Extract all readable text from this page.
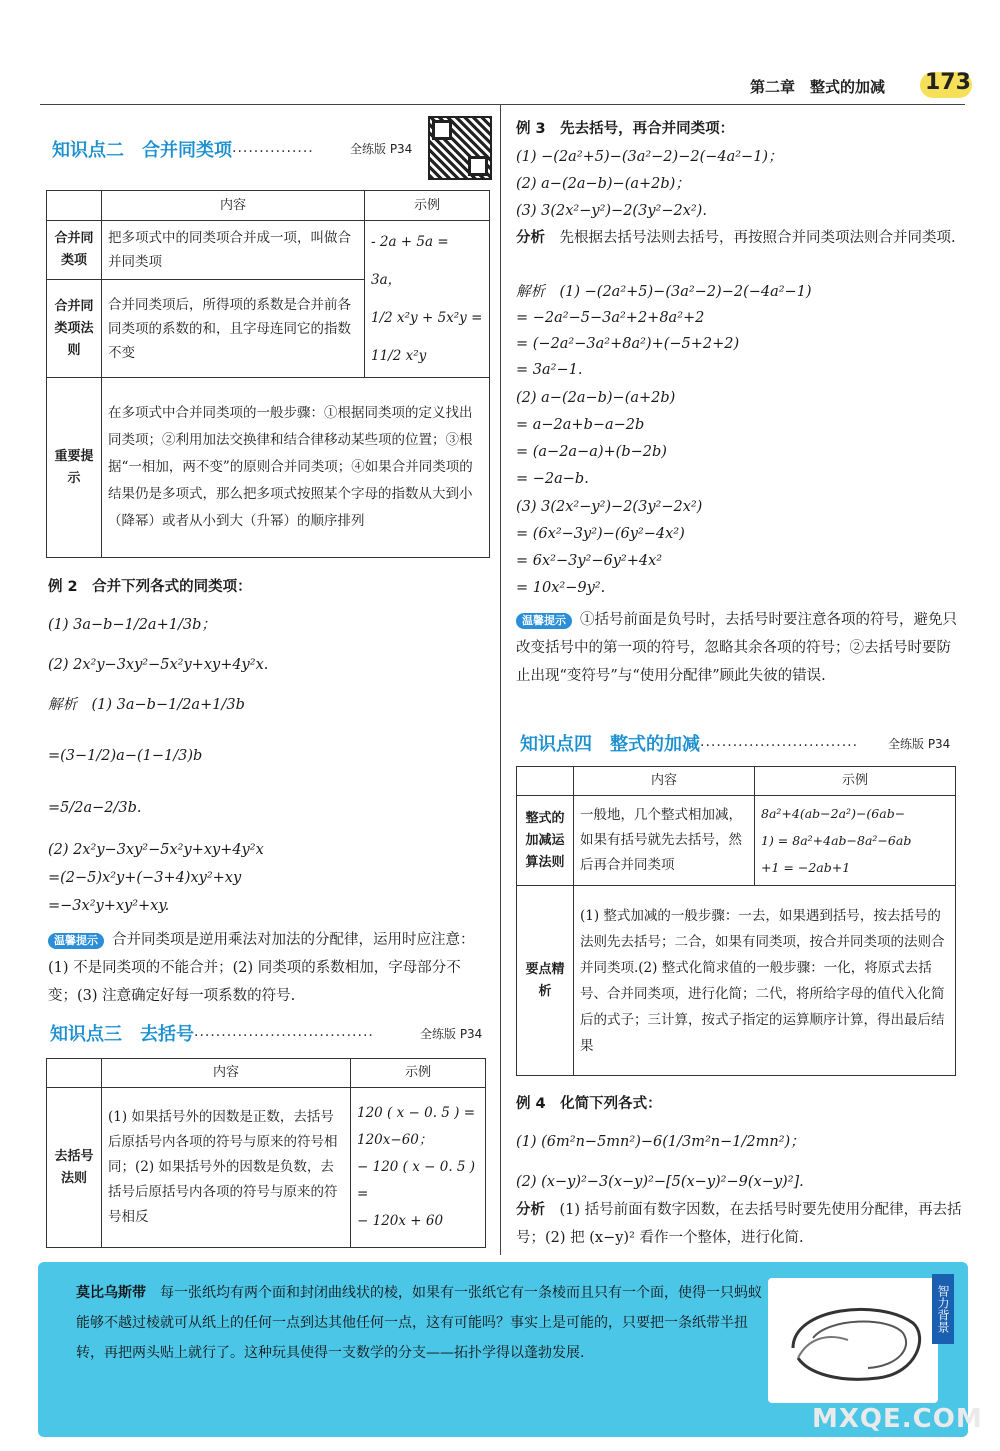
第二章　整式的加减 173
知识点二　合并同类项···············	全练版 P34
	内容	示例
合并同类项	把多项式中的同类项合并成一项，叫做合并同类项	- 2a + 5a = 3a，
1/2 x²y + 5x²y =
11/2 x²y

合并同类项法则	合并同类项后，所得项的系数是合并前各同类项的系数的和，且字母连同它的指数不变	
重要提示	在多项式中合并同类项的一般步骤：①根据同类项的定义找出同类项；②利用加法交换律和结合律移动某些项的位置；③根据“一相加，两不变”的原则合并同类项；④如果合并同类项的结果仍是多项式，那么把多项式按照某个字母的指数从大到小（降幂）或者从小到大（升幂）的顺序排列	
例 2　合并下列各式的同类项：
(1) 3a−b−1/2a+1/3b；
(2) 2x²y−3xy²−5x²y+xy+4y²x.
解析　(1) 3a−b−1/2a+1/3b
=(3−1/2)a−(1−1/3)b
=5/2a−2/3b.
(2) 2x²y−3xy²−5x²y+xy+4y²x
=(2−5)x²y+(−3+4)xy²+xy
=−3x²y+xy²+xy.
温馨提示 合并同类项是逆用乘法对加法的分配律，运用时应注意：(1) 不是同类项的不能合并；(2) 同类项的系数相加，字母部分不变；(3) 注意确定好每一项系数的符号.
知识点三　去括号·································	全练版 P34
	内容	示例
去括号法则	(1) 如果括号外的因数是正数，去括号后原括号内各项的符号与原来的符号相同；(2) 如果括号外的因数是负数，去括号后原括号内各项的符号与原来的符号相反	120 ( x − 0. 5 ) =
120x−60；
− 120 ( x − 0. 5 ) =
− 120x + 60
例 3　先去括号，再合并同类项：
(1) −(2a²+5)−(3a²−2)−2(−4a²−1)；
(2) a−(2a−b)−(a+2b)；
(3) 3(2x²−y²)−2(3y²−2x²).
分析　 先根据去括号法则去括号，再按照合并同类项法则合并同类项.
解析　(1) −(2a²+5)−(3a²−2)−2(−4a²−1)
= −2a²−5−3a²+2+8a²+2
= (−2a²−3a²+8a²)+(−5+2+2)
= 3a²−1.
(2) a−(2a−b)−(a+2b)
= a−2a+b−a−2b
= (a−2a−a)+(b−2b)
= −2a−b.
(3) 3(2x²−y²)−2(3y²−2x²)
= (6x²−3y²)−(6y²−4x²)
= 6x²−3y²−6y²+4x²
= 10x²−9y².
温馨提示 ①括号前面是负号时，去括号时要注意各项的符号，避免只改变括号中的第一项的符号，忽略其余各项的符号；②去括号时要防止出现“变符号”与“使用分配律”顾此失彼的错误.
知识点四　整式的加减····························· 全练版 P34
	内容	示例
整式的加减运算法则	一般地，几个整式相加减，如果有括号就先去括号，然后再合并同类项	8a²+4(ab−2a²)−(6ab−
1) = 8a²+4ab−8a²−6ab
+1 = −2ab+1

要点精析	(1) 整式加减的一般步骤：一去，如果遇到括号，按去括号的法则先去括号；二合，如果有同类项，按合并同类项的法则合并同类项.(2) 整式化简求值的一般步骤：一化，将原式去括号、合并同类项，进行化简；二代，将所给字母的值代入化简后的式子；三计算，按式子指定的运算顺序计算，得出最后结果	
例 4　化简下列各式：
(1) (6m²n−5mn²)−6(1/3m²n−1/2mn²)；
(2) (x−y)²−3(x−y)²−[5(x−y)²−9(x−y)²].
分析　 (1) 括号前面有数字因数，在去括号时要先使用分配律，再去括号；(2) 把 (x−y)² 看作一个整体，进行化简.
莫比乌斯带 每一张纸均有两个面和封闭曲线状的棱，如果有一张纸它有一条棱而且只有一个面，使得一只蚂蚁能够不越过棱就可从纸上的任何一点到达其他任何一点，这有可能吗？事实上是可能的，只要把一条纸带半扭转，再把两头贴上就行了。这种玩具使得一支数学的分支——拓扑学得以蓬勃发展.
智力背景
MXQE.COM
